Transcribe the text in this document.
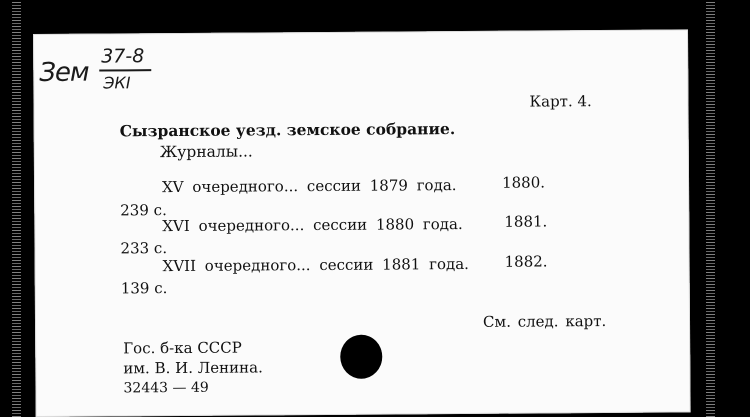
Зем
37-8
ЭКI
Карт. 4.
Сызранское уезд. земское собрание.
Журналы...
XV очередного... сессии 1879 года.	1880.
239 с.
XVI очередного... сессии 1880 года.	1881.
233 с.
XVII очередного... сессии 1881 года. 1882.
139 с.
См. след. карт.
Гос. б-ка СССР
им. В. И. Ленина.
32443 — 49
